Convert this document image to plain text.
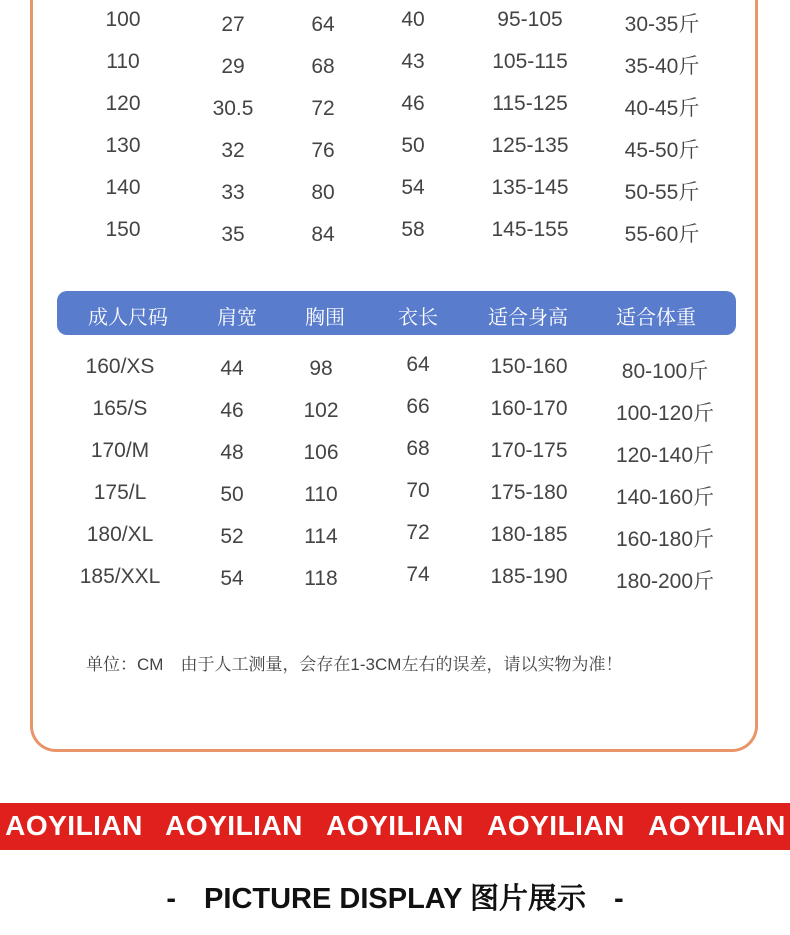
100	27	64	40	95-105	30-35斤
110	29	68	43	105-115	35-40斤
120	30.5	72	46	115-125	40-45斤
130	32	76	50	125-135	45-50斤
140	33	80	54	135-145	50-55斤
150	35	84	58	145-155	55-60斤
成人尺码 肩宽 胸围	衣长	适合身高 适合体重
160/XS	44	98	64	150-160	80-100斤
165/S	46	102	66	160-170 100-120斤
170/M	48	106	68	170-175 120-140斤
175/L	50	110	70	175-180 140-160斤
180/XL	52	114	72	180-185 160-180斤
185/XXL	54	118	74	185-190 180-200斤
单位：CM　由于人工测量，会存在1-3CM左右的误差，请以实物为准！
AOYILIAN AOYILIAN AOYILIAN AOYILIAN AOYILIAN
- PICTURE DISPLAY 图片展示 -
